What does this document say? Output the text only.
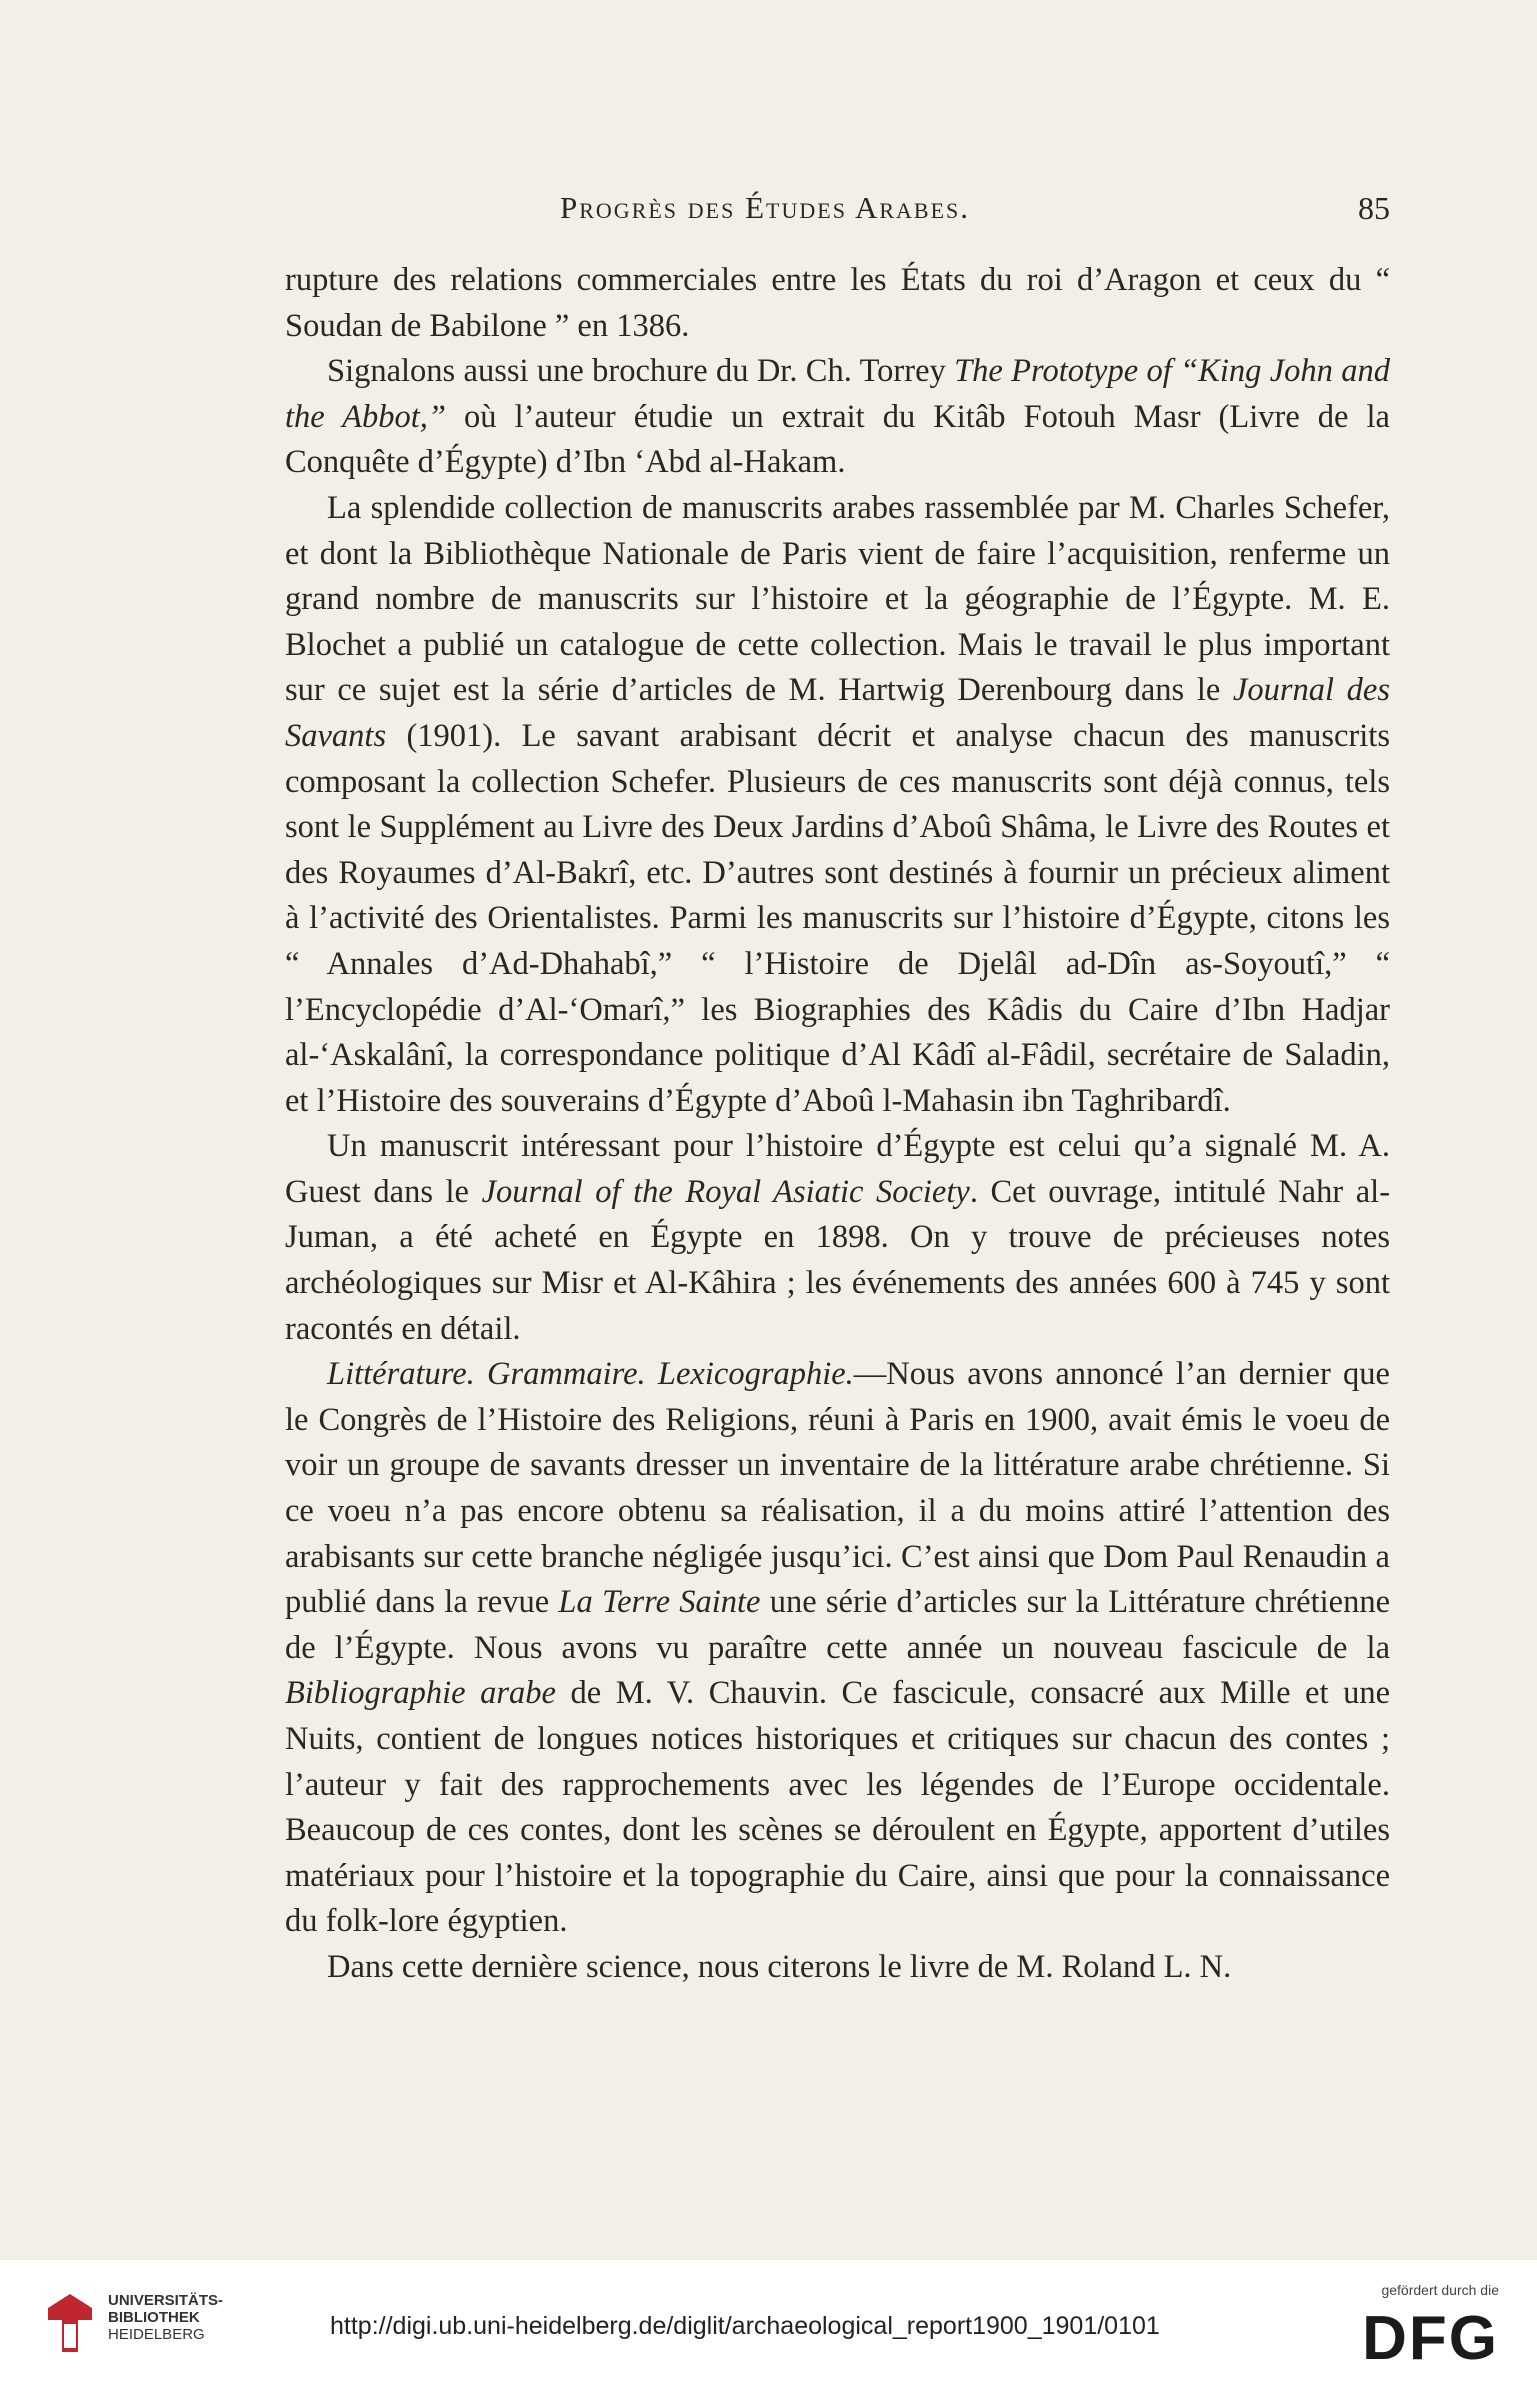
Progrès des Études Arabes.	85

rupture des relations commerciales entre les États du roi d’Aragon et ceux du “ Soudan de Babilone ” en 1386.

Signalons aussi une brochure du Dr. Ch. Torrey The Prototype of “King John and the Abbot,” où l’auteur étudie un extrait du Kitâb Fotouh Masr (Livre de la Conquête d’Égypte) d’Ibn ‘Abd al-Hakam.

La splendide collection de manuscrits arabes rassemblée par M. Charles Schefer, et dont la Bibliothèque Nationale de Paris vient de faire l’acquisition, renferme un grand nombre de manuscrits sur l’histoire et la géographie de l’Égypte. M. E. Blochet a publié un catalogue de cette collection. Mais le travail le plus important sur ce sujet est la série d’articles de M. Hartwig Derenbourg dans le Journal des Savants (1901). Le savant arabisant décrit et analyse chacun des manuscrits composant la collection Schefer. Plusieurs de ces manuscrits sont déjà connus, tels sont le Supplément au Livre des Deux Jardins d’Aboû Shâma, le Livre des Routes et des Royaumes d’Al-Bakrî, etc. D’autres sont destinés à fournir un précieux aliment à l’activité des Orientalistes. Parmi les manuscrits sur l’histoire d’Égypte, citons les “ Annales d’Ad-Dhahabî,” “ l’Histoire de Djelâl ad-Dîn as-Soyoutî,” “ l’Encyclopédie d’Al-‘Omarî,” les Biographies des Kâdis du Caire d’Ibn Hadjar al-‘Askalânî, la correspondance politique d’Al Kâdî al-Fâdil, secrétaire de Saladin, et l’Histoire des souverains d’Égypte d’Aboû l-Mahasin ibn Taghribardî.

Un manuscrit intéressant pour l’histoire d’Égypte est celui qu’a signalé M. A. Guest dans le Journal of the Royal Asiatic Society. Cet ouvrage, intitulé Nahr al-Juman, a été acheté en Égypte en 1898. On y trouve de précieuses notes archéologiques sur Misr et Al-Kâhira ; les événements des années 600 à 745 y sont racontés en détail.

Littérature. Grammaire. Lexicographie.—Nous avons annoncé l’an dernier que le Congrès de l’Histoire des Religions, réuni à Paris en 1900, avait émis le voeu de voir un groupe de savants dresser un inventaire de la littérature arabe chrétienne. Si ce voeu n’a pas encore obtenu sa réalisation, il a du moins attiré l’attention des arabisants sur cette branche négligée jusqu’ici. C’est ainsi que Dom Paul Renaudin a publié dans la revue La Terre Sainte une série d’articles sur la Littérature chrétienne de l’Égypte. Nous avons vu paraître cette année un nouveau fascicule de la Bibliographie arabe de M. V. Chauvin. Ce fascicule, consacré aux Mille et une Nuits, contient de longues notices historiques et critiques sur chacun des contes ; l’auteur y fait des rapprochements avec les légendes de l’Europe occidentale. Beaucoup de ces contes, dont les scènes se déroulent en Égypte, apportent d’utiles matériaux pour l’histoire et la topographie du Caire, ainsi que pour la connaissance du folk-lore égyptien.

Dans cette dernière science, nous citerons le livre de M. Roland L. N.

UNIVERSITÄTS-
BIBLIOTHEK
HEIDELBERG	http://digi.ub.uni-heidelberg.de/diglit/archaeological_report1900_1901/0101
gefördert durch die
DFG
